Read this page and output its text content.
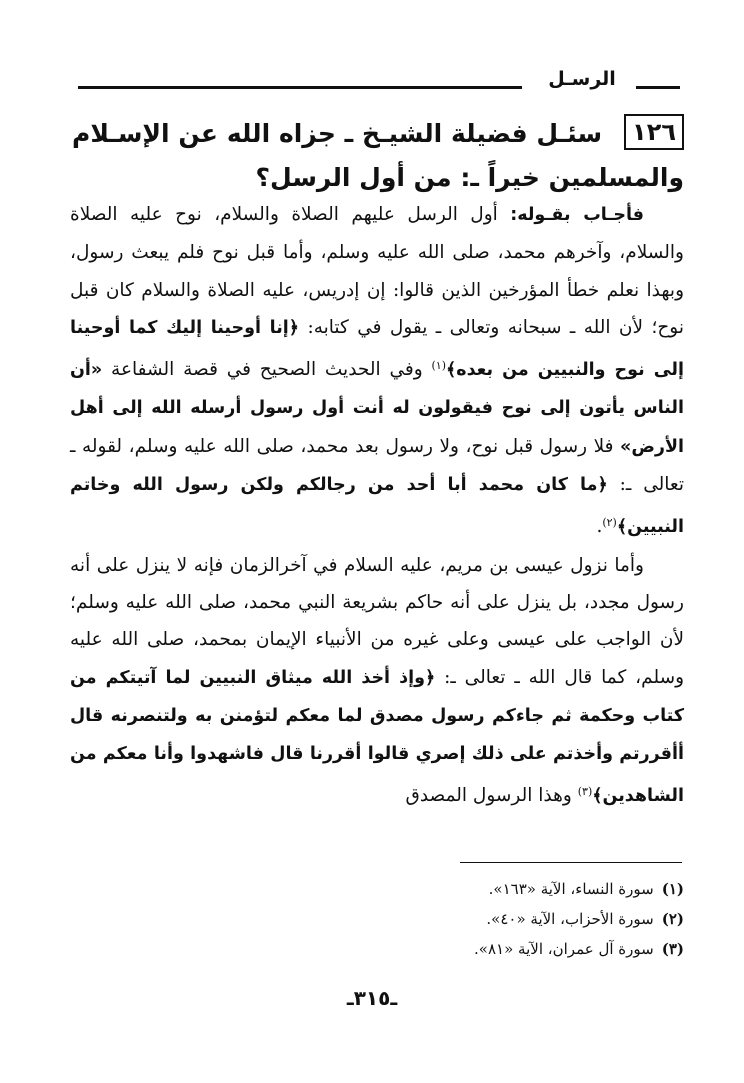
الرسـل
١٢٦سئـل فضيلة الشيـخ ـ جزاه الله عن الإسـلام والمسلمين خيراً ـ: من أول الرسل؟

فأجـاب بقـوله: أول الرسل عليهم الصلاة والسلام، نوح عليه الصلاة والسلام، وآخرهم محمد، صلى الله عليه وسلم، وأما قبل نوح فلم يبعث رسول، وبهذا نعلم خطأ المؤرخين الذين قالوا: إن إدريس، عليه الصلاة والسلام كان قبل نوح؛ لأن الله ـ سبحانه وتعالى ـ يقول في كتابه: ﴿إنا أوحينا إليك كما أوحينا إلى نوح والنبيين من بعده﴾$^{(١)}$ وفي الحديث الصحيح في قصة الشفاعة «أن الناس يأتون إلى نوح فيقولون له أنت أول رسول أرسله الله إلى أهل الأرض» فلا رسول قبل نوح، ولا رسول بعد محمد، صلى الله عليه وسلم، لقوله ـ تعالى ـ: ﴿ما كان محمد أبا أحد من رجالكم ولكن رسول الله وخاتم النبيين﴾$^{(٢)}$.

وأما نزول عيسى بن مريم، عليه السلام في آخرالزمان فإنه لا ينزل على أنه رسول مجدد، بل ينزل على أنه حاكم بشريعة النبي محمد، صلى الله عليه وسلم؛ لأن الواجب على عيسى وعلى غيره من الأنبياء الإيمان بمحمد، صلى الله عليه وسلم، كما قال الله ـ تعالى ـ: ﴿وإذ أخذ الله ميثاق النبيين لما آتيتكم من كتاب وحكمة ثم جاءكم رسول مصدق لما معكم لتؤمنن به ولتنصرنه قال أأقررتم وأخذتم على ذلك إصري قالوا أقررنا قال فاشهدوا وأنا معكم من الشاهدين﴾$^{(٣)}$ وهذا الرسول المصدق

(١)سورة النساء، الآية «١٦٣».
(٢)سورة الأحزاب، الآية «٤٠».
(٣)سورة آل عمران، الآية «٨١».
ـ٣١٥ـ
